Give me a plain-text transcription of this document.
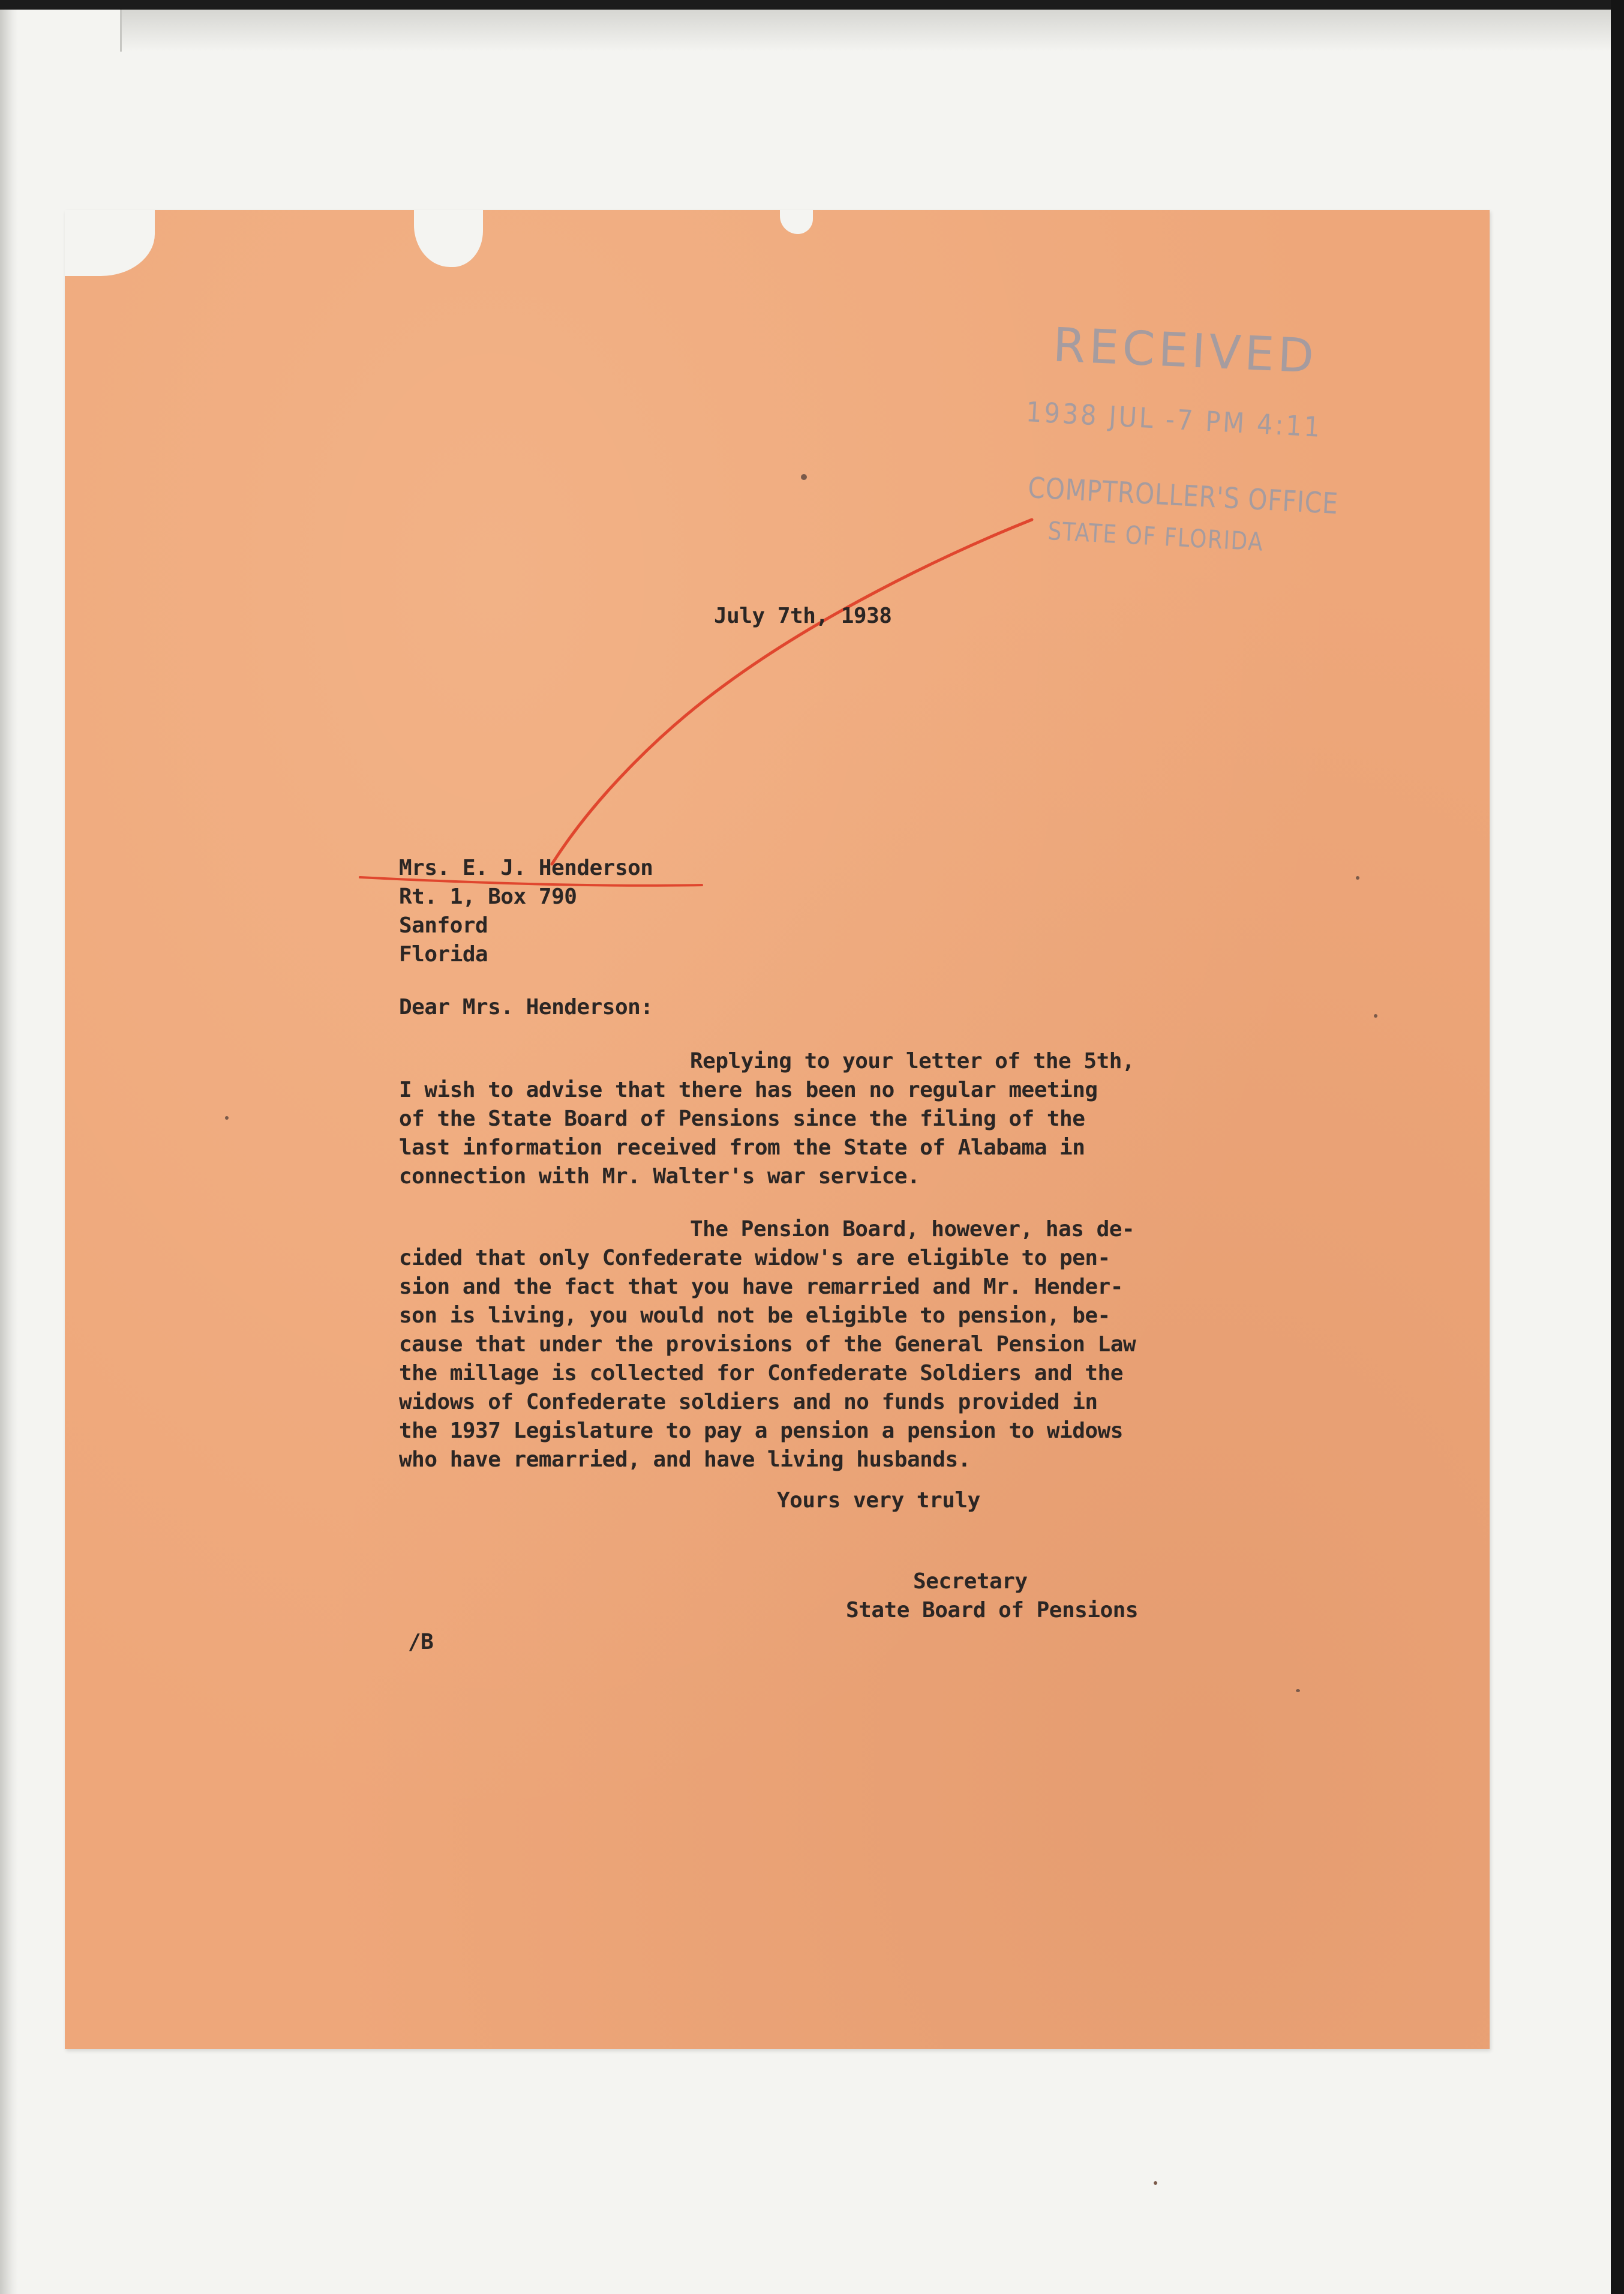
RECEIVED
1938 JUL -7 PM 4:11
COMPTROLLER'S OFFICE
STATE OF FLORIDA
July 7th, 1938
Mrs. E. J. Henderson
Rt. 1, Box 790
Sanford
Florida
Dear Mrs. Henderson:
Replying to your letter of the 5th,
I wish to advise that there has been no regular meeting
of the State Board of Pensions since the filing of the
last information received from the State of Alabama in
connection with Mr. Walter's war service.
The Pension Board, however, has de-
cided that only Confederate widow's are eligible to pen-
sion and the fact that you have remarried and Mr. Hender-
son is living, you would not be eligible to pension, be-
cause that under the provisions of the General Pension Law
the millage is collected for Confederate Soldiers and the
widows of Confederate soldiers and no funds provided in
the 1937 Legislature to pay a pension a pension to widows
who have remarried, and have living husbands.
Yours very truly
Secretary
State Board of Pensions
/B
